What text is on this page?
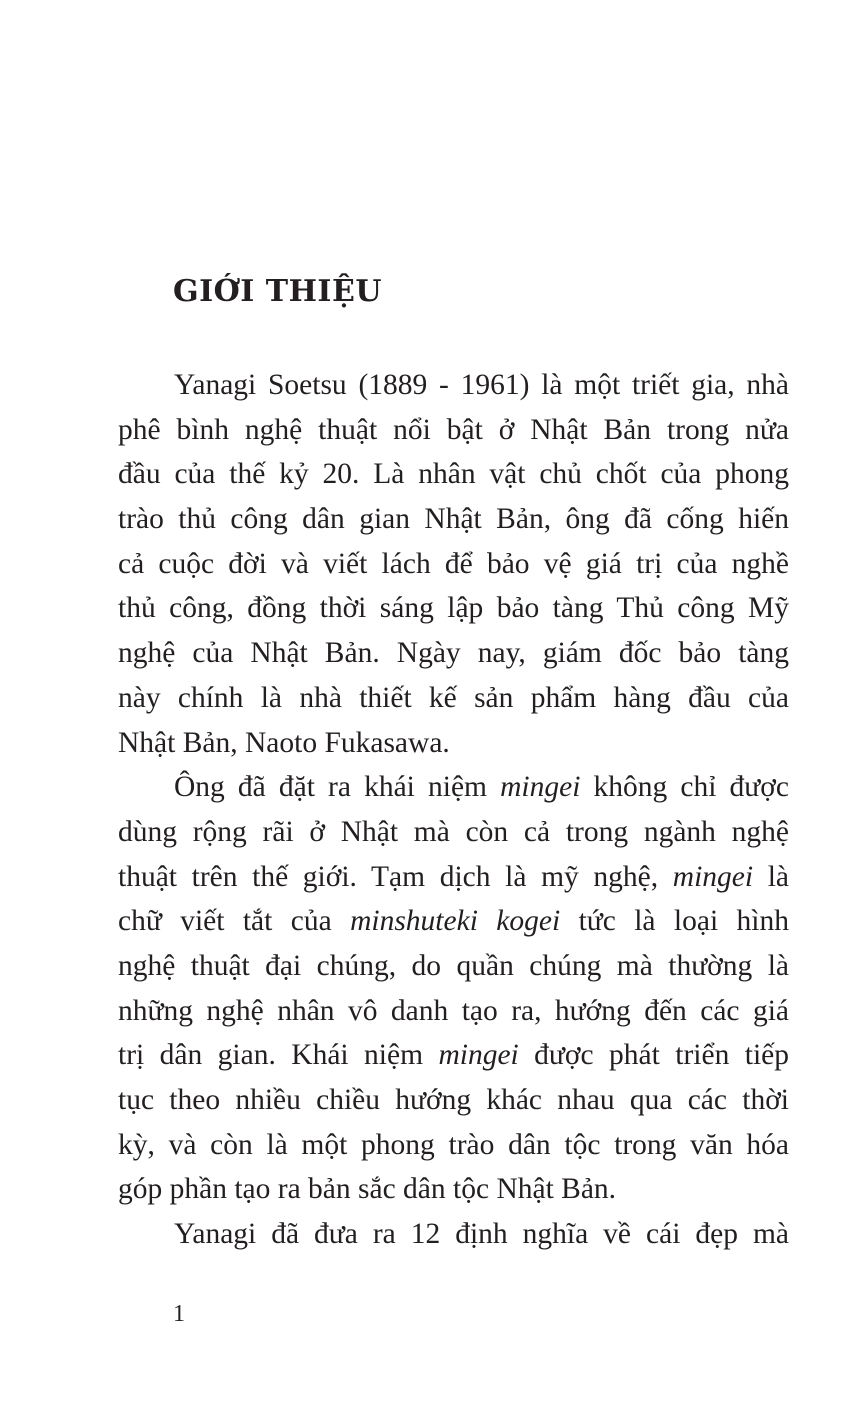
GIỚI THIỆU
Yanagi Soetsu (1889 - 1961) là một triết gia, nhà
phê bình nghệ thuật nổi bật ở Nhật Bản trong nửa
đầu của thế kỷ 20. Là nhân vật chủ chốt của phong
trào thủ công dân gian Nhật Bản, ông đã cống hiến
cả cuộc đời và viết lách để bảo vệ giá trị của nghề
thủ công, đồng thời sáng lập bảo tàng Thủ công Mỹ
nghệ của Nhật Bản. Ngày nay, giám đốc bảo tàng
này chính là nhà thiết kế sản phẩm hàng đầu của
Nhật Bản, Naoto Fukasawa.
Ông đã đặt ra khái niệm mingei không chỉ được
dùng rộng rãi ở Nhật mà còn cả trong ngành nghệ
thuật trên thế giới. Tạm dịch là mỹ nghệ, mingei là
chữ viết tắt của minshuteki kogei tức là loại hình
nghệ thuật đại chúng, do quần chúng mà thường là
những nghệ nhân vô danh tạo ra, hướng đến các giá
trị dân gian. Khái niệm mingei được phát triển tiếp
tục theo nhiều chiều hướng khác nhau qua các thời
kỳ, và còn là một phong trào dân tộc trong văn hóa
góp phần tạo ra bản sắc dân tộc Nhật Bản.
Yanagi đã đưa ra 12 định nghĩa về cái đẹp mà
1
